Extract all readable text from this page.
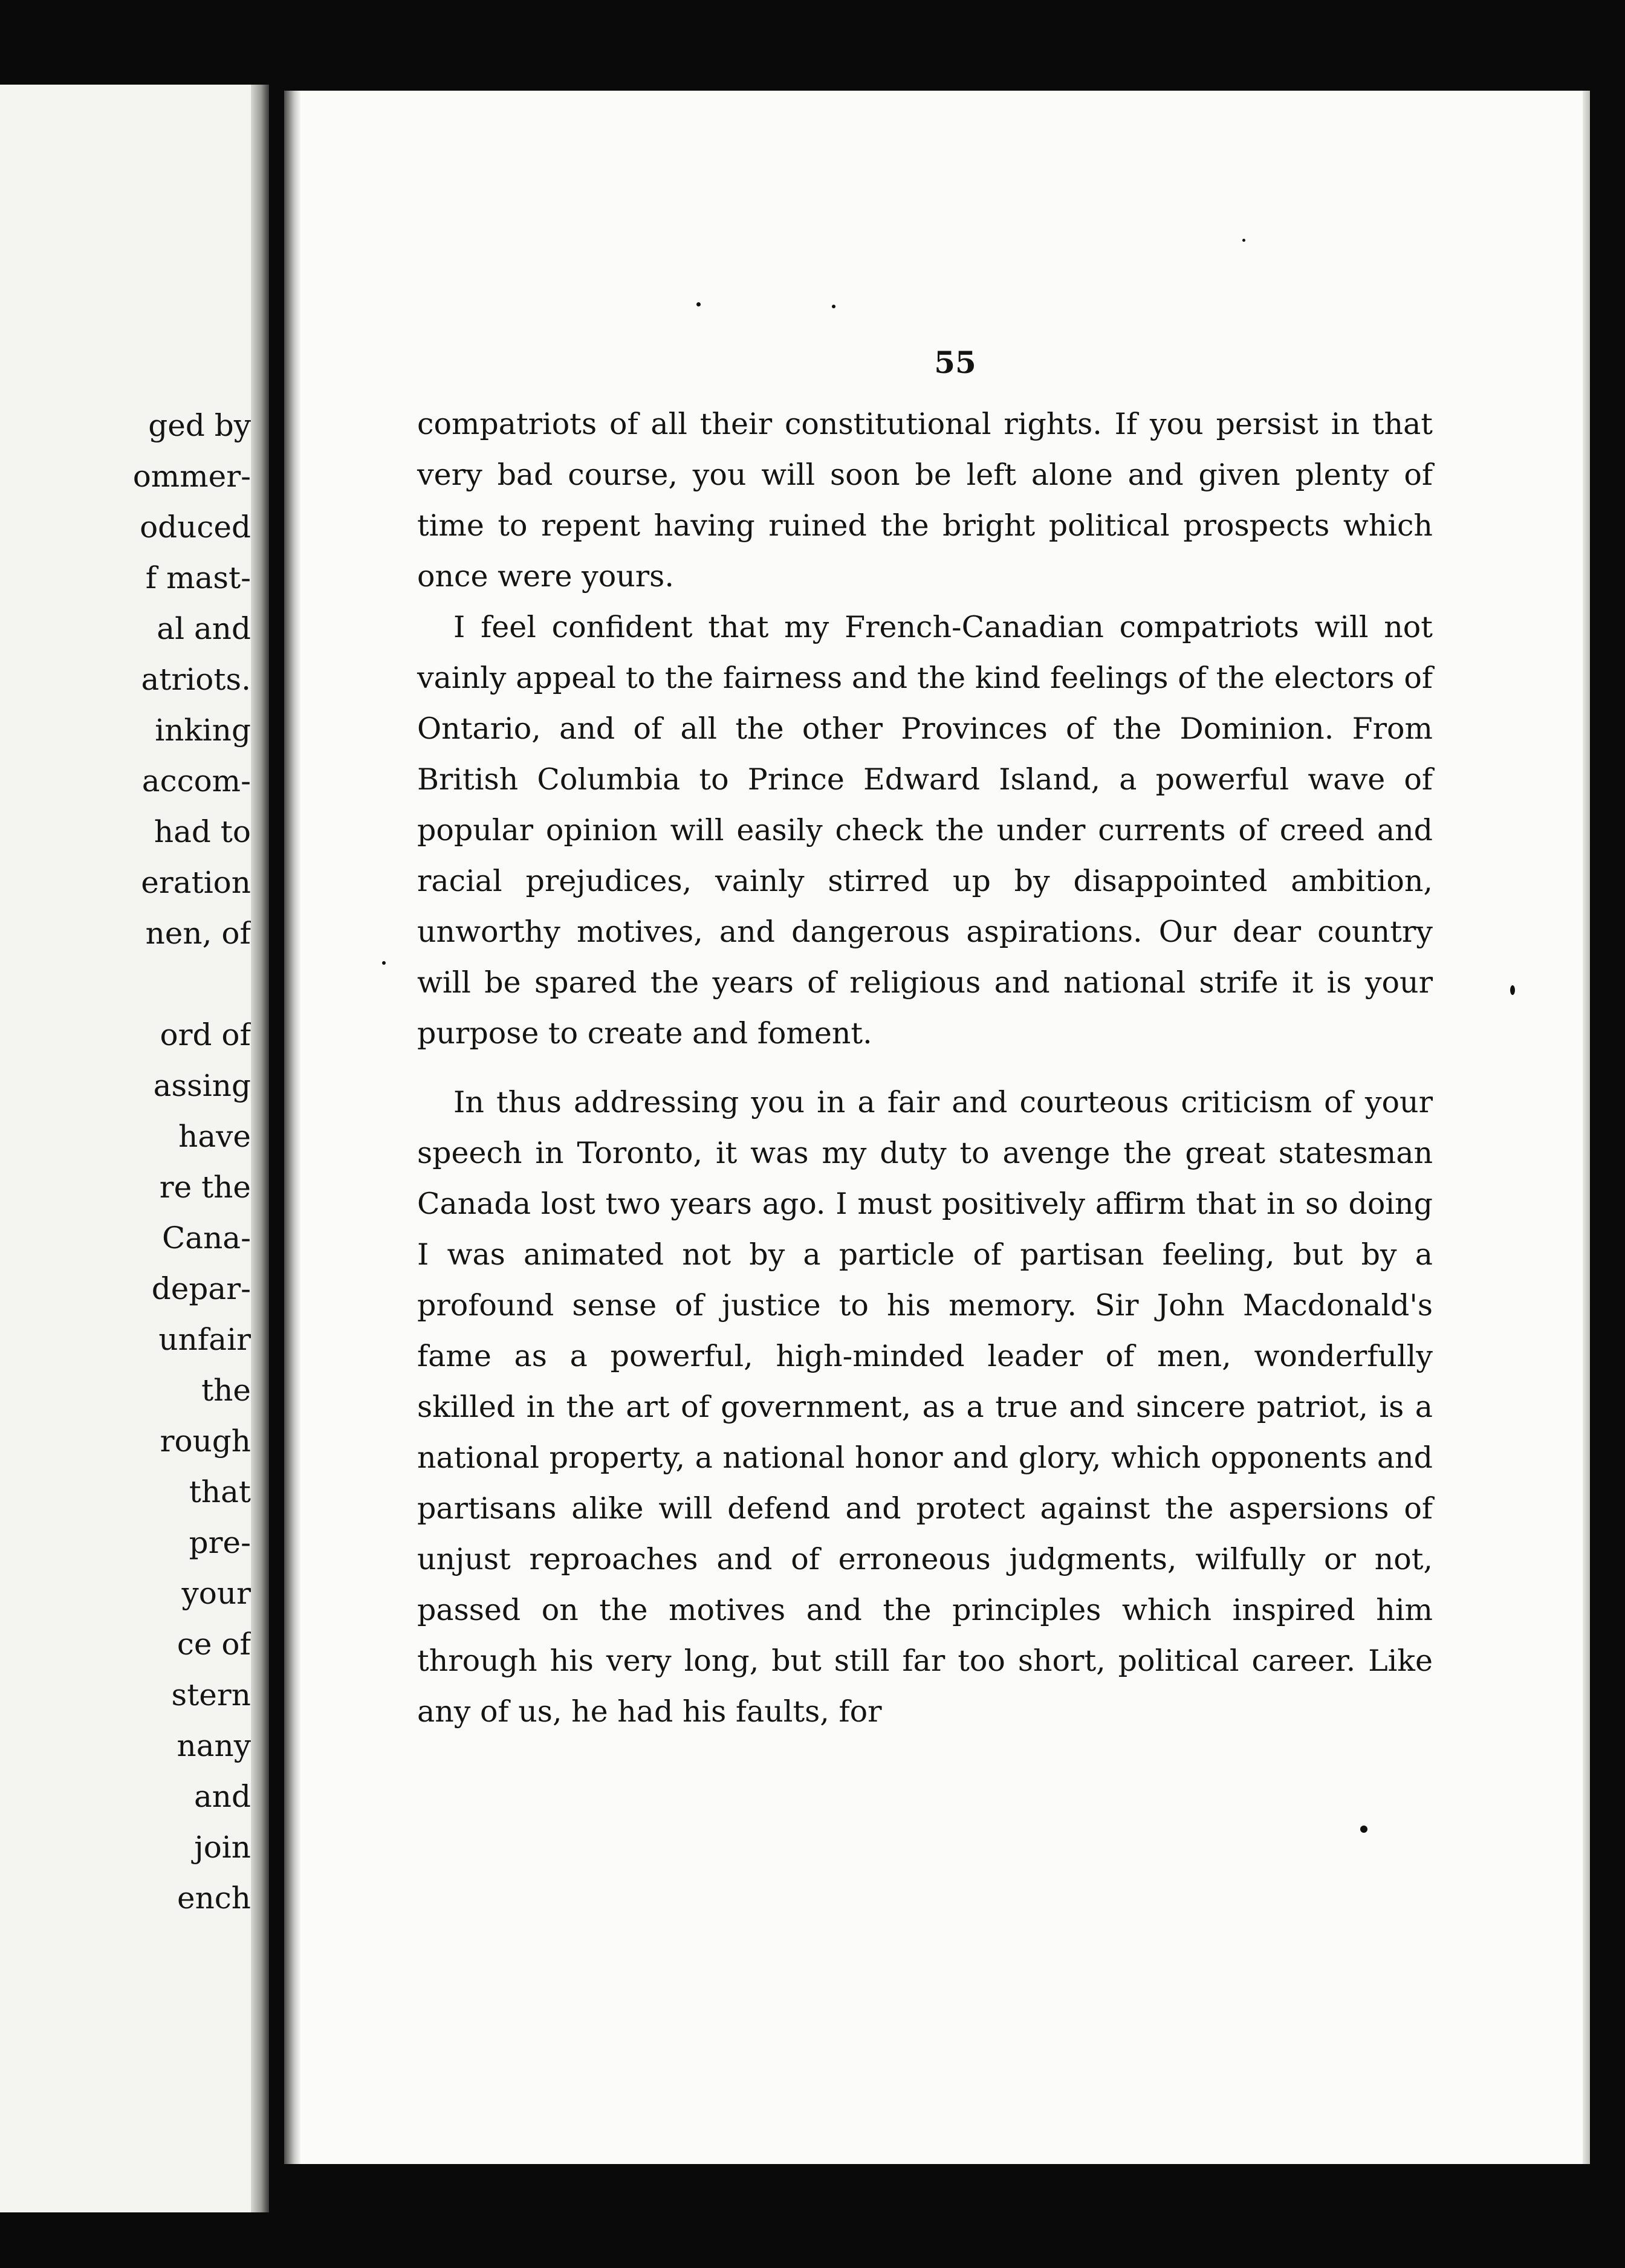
ged by
ommer-
oduced
f mast-
al and
atriots.
inking
accom-
had to
eration
nen, of

ord of
assing
have
re the
Cana-
depar-
unfair
the
rough
that
pre-
your
ce of
stern
nany
and
join
ench
55

compatriots of all their constitutional rights. If you persist in that very bad course, you will soon be left alone and given plenty of time to repent having ruined the bright political prospects which once were yours.

I feel confident that my French-Canadian compatriots will not vainly appeal to the fairness and the kind feelings of the electors of Ontario, and of all the other Provinces of the Dominion. From British Columbia to Prince Edward Island, a powerful wave of popular opinion will easily check the under currents of creed and racial prejudices, vainly stirred up by disappointed ambition, unworthy motives, and dangerous aspirations. Our dear country will be spared the years of religious and national strife it is your purpose to create and foment.

In thus addressing you in a fair and courteous criticism of your speech in Toronto, it was my duty to avenge the great statesman Canada lost two years ago. I must positively affirm that in so doing I was animated not by a particle of partisan feeling, but by a profound sense of justice to his memory. Sir John Macdonald's fame as a powerful, high-minded leader of men, wonderfully skilled in the art of government, as a true and sincere patriot, is a national property, a national honor and glory, which opponents and partisans alike will defend and protect against the aspersions of unjust reproaches and of erroneous judgments, wilfully or not, passed on the motives and the principles which inspired him through his very long, but still far too short, political career. Like any of us, he had his faults, for
